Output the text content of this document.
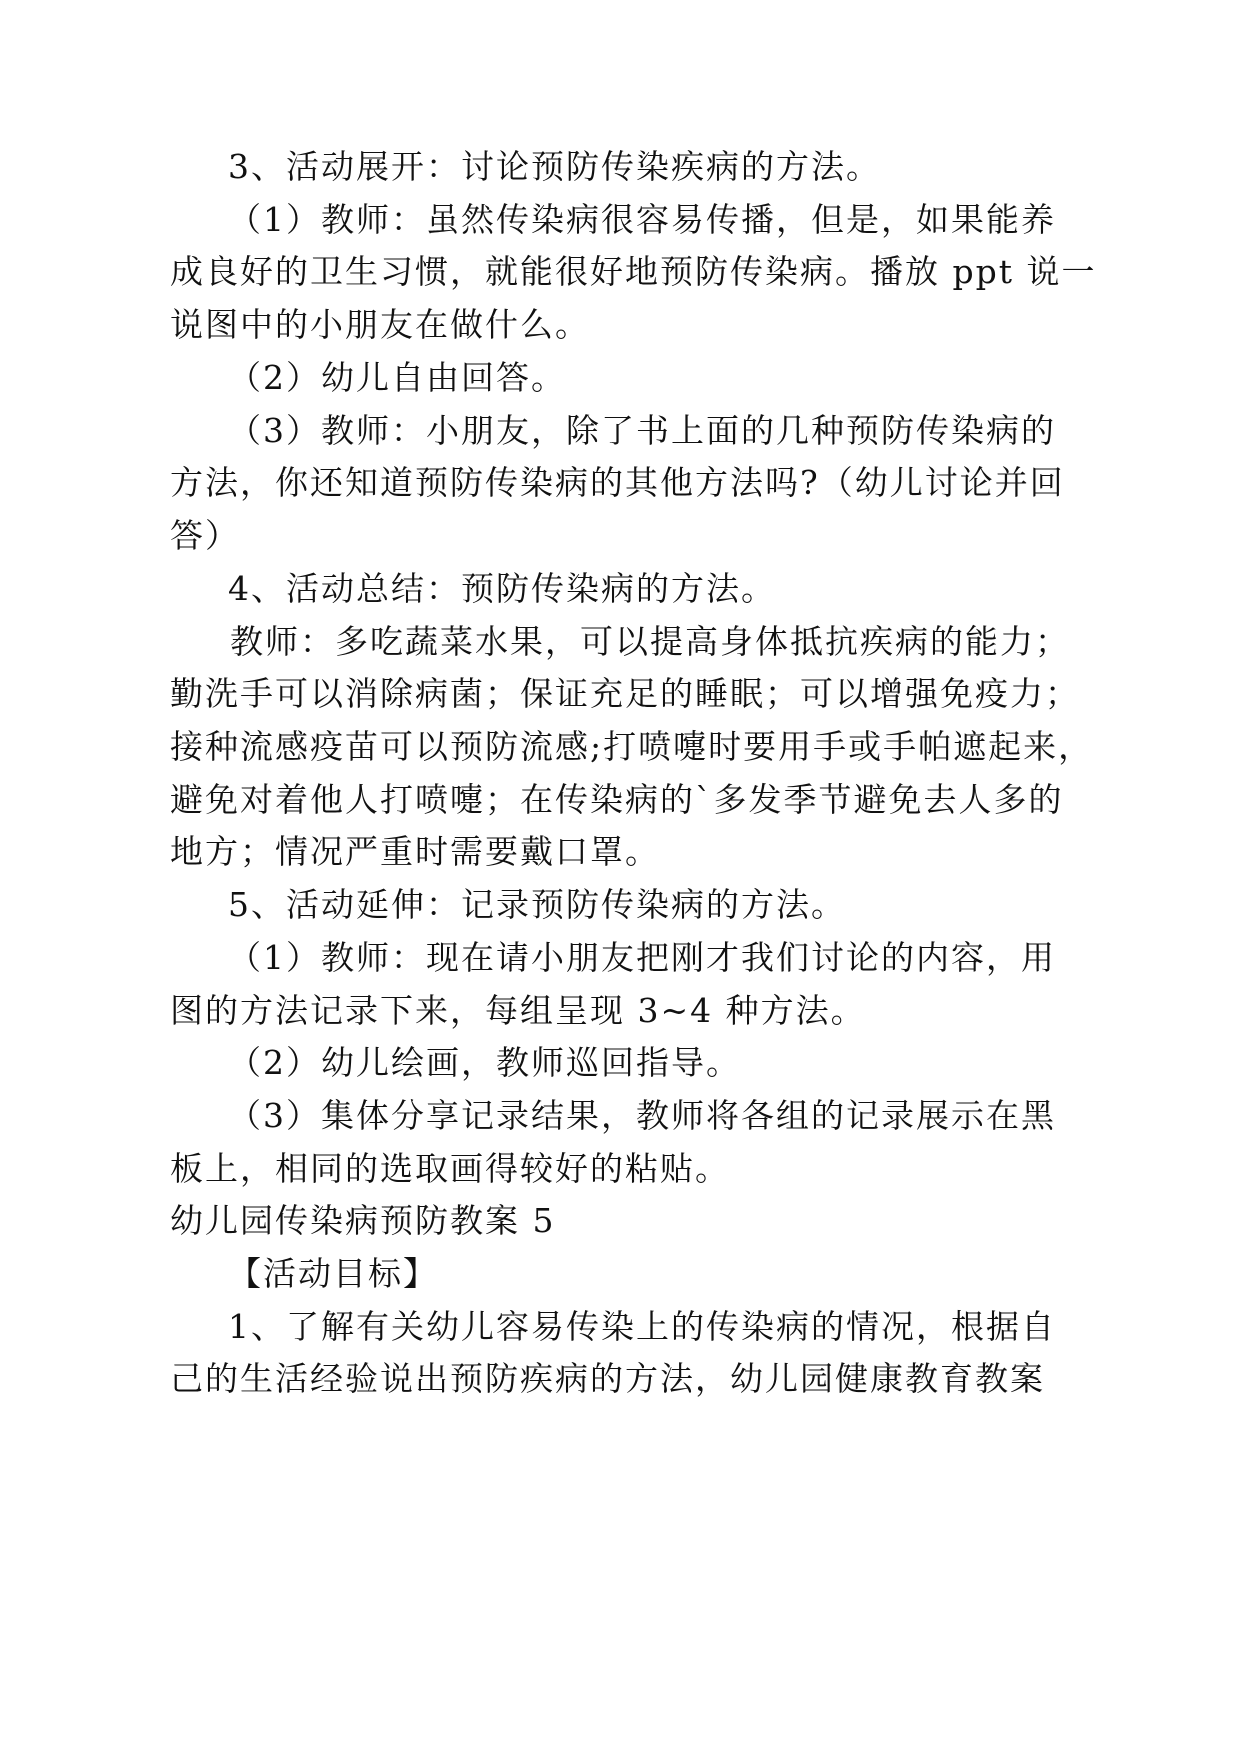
3、活动展开：讨论预防传染疾病的方法。
（1）教师：虽然传染病很容易传播，但是，如果能养
成良好的卫生习惯，就能很好地预防传染病。播放 ppt 说一
说图中的小朋友在做什么。
（2）幼儿自由回答。
（3）教师：小朋友，除了书上面的几种预防传染病的
方法，你还知道预防传染病的其他方法吗?（幼儿讨论并回
答）
4、活动总结：预防传染病的方法。
教师：多吃蔬菜水果，可以提高身体抵抗疾病的能力；
勤洗手可以消除病菌；保证充足的睡眠；可以增强免疫力；
接种流感疫苗可以预防流感;打喷嚏时要用手或手帕遮起来，
避免对着他人打喷嚏；在传染病的`多发季节避免去人多的
地方；情况严重时需要戴口罩。
5、活动延伸：记录预防传染病的方法。
（1）教师：现在请小朋友把刚才我们讨论的内容，用
图的方法记录下来，每组呈现 3~4 种方法。
（2）幼儿绘画，教师巡回指导。
（3）集体分享记录结果，教师将各组的记录展示在黑
板上，相同的选取画得较好的粘贴。
幼儿园传染病预防教案 5
【活动目标】
1、了解有关幼儿容易传染上的传染病的情况，根据自
己的生活经验说出预防疾病的方法，幼儿园健康教育教案
